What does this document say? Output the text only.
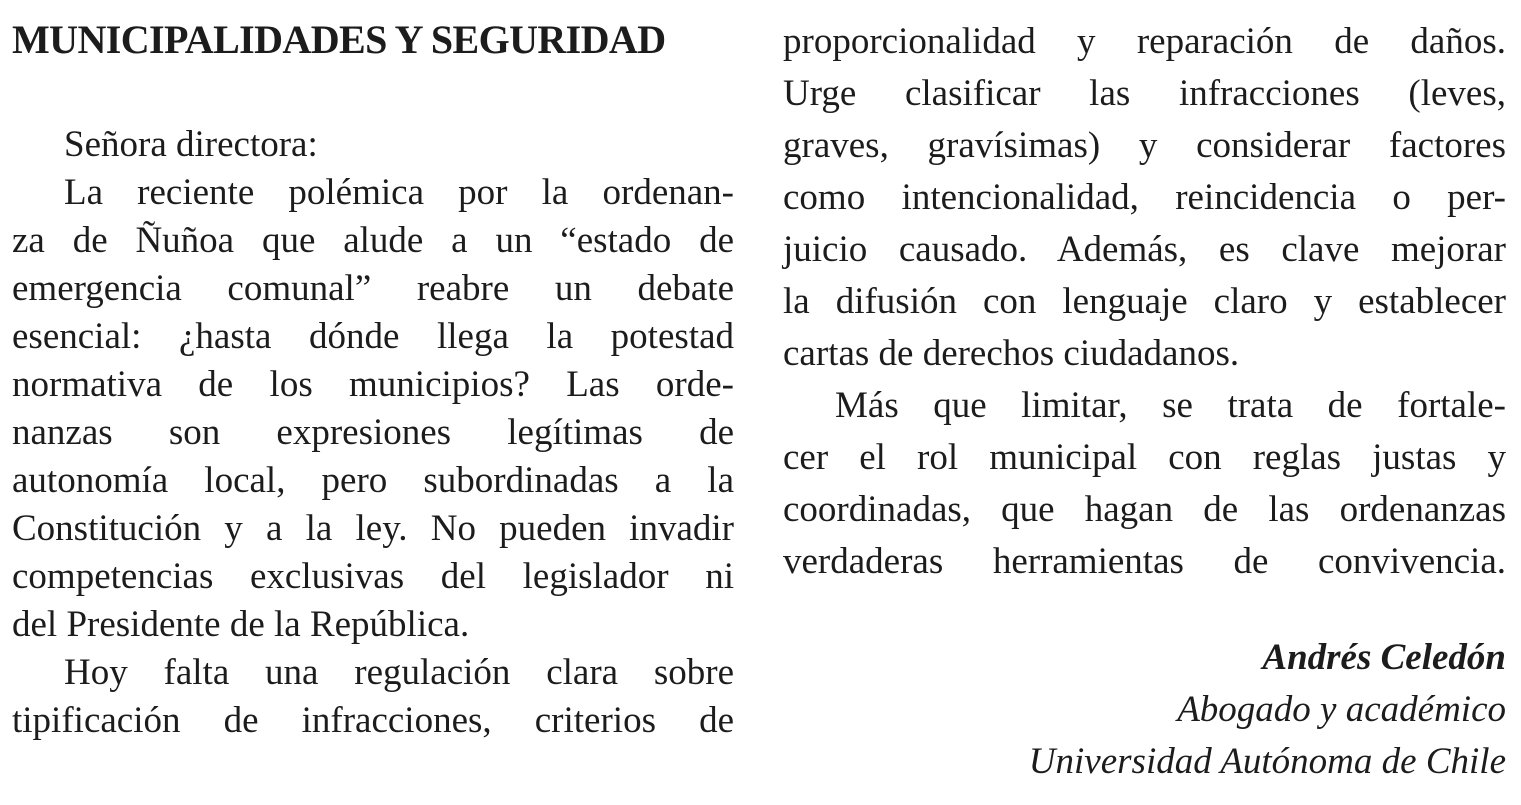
MUNICIPALIDADES Y SEGURIDAD
Señora directora:
La reciente polémica por la ordenan-
za de Ñuñoa que alude a un “estado de
emergencia comunal” reabre un debate
esencial: ¿hasta dónde llega la potestad
normativa de los municipios? Las orde-
nanzas son expresiones legítimas de
autonomía local, pero subordinadas a la
Constitución y a la ley. No pueden invadir
competencias exclusivas del legislador ni
del Presidente de la República.
Hoy falta una regulación clara sobre
tipificación de infracciones, criterios de
proporcionalidad y reparación de daños.
Urge clasificar las infracciones (leves,
graves, gravísimas) y considerar factores
como intencionalidad, reincidencia o per-
juicio causado. Además, es clave mejorar
la difusión con lenguaje claro y establecer
cartas de derechos ciudadanos.
Más que limitar, se trata de fortale-
cer el rol municipal con reglas justas y
coordinadas, que hagan de las ordenanzas
verdaderas herramientas de convivencia.
Andrés Celedón
Abogado y académico
Universidad Autónoma de Chile
